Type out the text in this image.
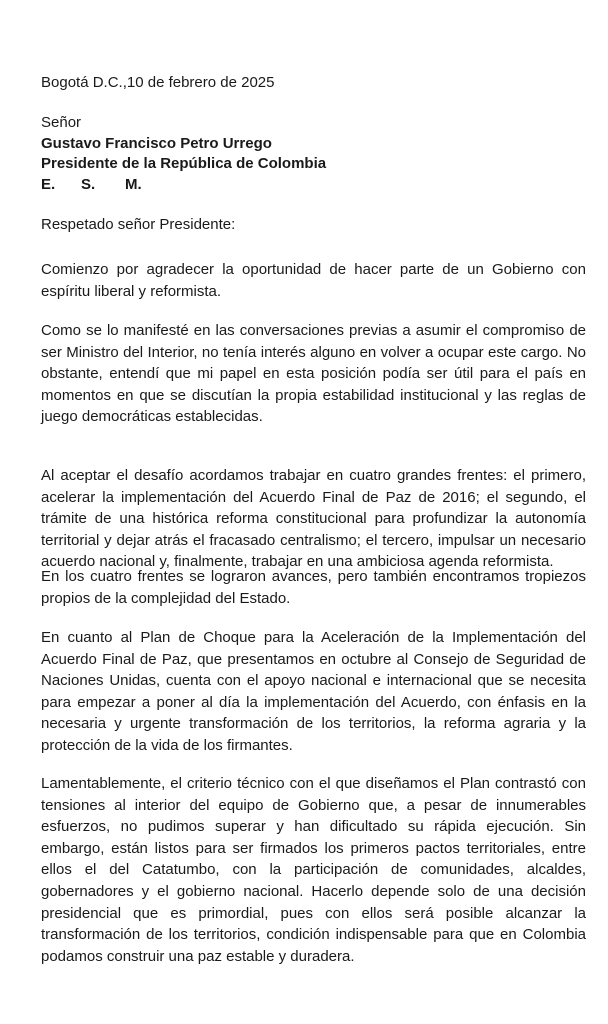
Bogotá D.C.,10 de febrero de 2025
Señor
Gustavo Francisco Petro Urrego
Presidente de la República de Colombia
E. S. M.
Respetado señor Presidente:

Comienzo por agradecer la oportunidad de hacer parte de un Gobierno con espíritu liberal y reformista.

Como se lo manifesté en las conversaciones previas a asumir el compromiso de ser Ministro del Interior, no tenía interés alguno en volver a ocupar este cargo. No obstante, entendí que mi papel en esta posición podía ser útil para el país en momentos en que se discutían la propia estabilidad institucional y las reglas de juego democráticas establecidas.

Al aceptar el desafío acordamos trabajar en cuatro grandes frentes: el primero, acelerar la implementación del Acuerdo Final de Paz de 2016; el segundo, el trámite de una histórica reforma constitucional para profundizar la autonomía territorial y dejar atrás el fracasado centralismo; el tercero, impulsar un necesario acuerdo nacional y, finalmente, trabajar en una ambiciosa agenda reformista.

En los cuatro frentes se lograron avances, pero también encontramos tropiezos propios de la complejidad del Estado.

En cuanto al Plan de Choque para la Aceleración de la Implementación del Acuerdo Final de Paz, que presentamos en octubre al Consejo de Seguridad de Naciones Unidas, cuenta con el apoyo nacional e internacional que se necesita para empezar a poner al día la implementación del Acuerdo, con énfasis en la necesaria y urgente transformación de los territorios, la reforma agraria y la protección de la vida de los firmantes.

Lamentablemente, el criterio técnico con el que diseñamos el Plan contrastó con tensiones al interior del equipo de Gobierno que, a pesar de innumerables esfuerzos, no pudimos superar y han dificultado su rápida ejecución. Sin embargo, están listos para ser firmados los primeros pactos territoriales, entre ellos el del Catatumbo, con la participación de comunidades, alcaldes, gobernadores y el gobierno nacional. Hacerlo depende solo de una decisión presidencial que es primordial, pues con ellos será posible alcanzar la transformación de los territorios, condición indispensable para que en Colombia podamos construir una paz estable y duradera.
